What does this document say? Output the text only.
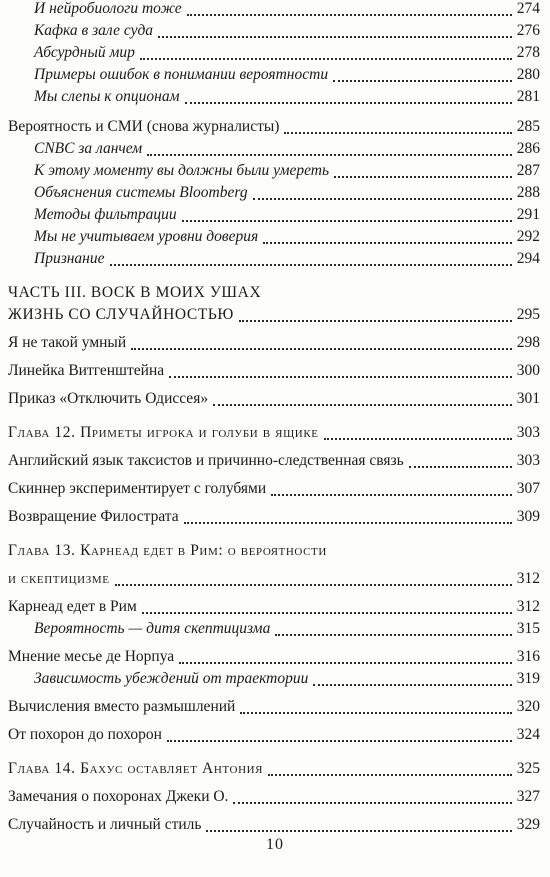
И нейробиологи тоже	274
Кафка в зале суда	276
Абсурдный мир	278
Примеры ошибок в понимании вероятности	280
Мы слепы к опционам	281
Вероятность и СМИ (снова журналисты)	285
CNBC за ланчем	286
К этому моменту вы должны были умереть	287
Объяснения системы Bloomberg	288
Методы фильтрации	291
Мы не учитываем уровни доверия	292
Признание	294
ЧАСТЬ III. ВОСК В МОИХ УШАХ
ЖИЗНЬ СО СЛУЧАЙНОСТЬЮ	295
Я не такой умный	298
Линейка Витгенштейна	300
Приказ «Отключить Одиссея»	301
Глава 12. Приметы игрока и голуби в ящике	303
Английский язык таксистов и причинно-следственная связь	303
Скиннер экспериментирует с голубями	307
Возвращение Филострата	309
Глава 13. Карнеад едет в Рим: о вероятности
и скептицизме	312
Карнеад едет в Рим	312
Вероятность — дитя скептицизма	315
Мнение месье де Норпуа	316
Зависимость убеждений от траектории	319
Вычисления вместо размышлений	320
От похорон до похорон	324
Глава 14. Бахус оставляет Антония	325
Замечания о похоронах Джеки О.	327
Случайность и личный стиль	329
10
